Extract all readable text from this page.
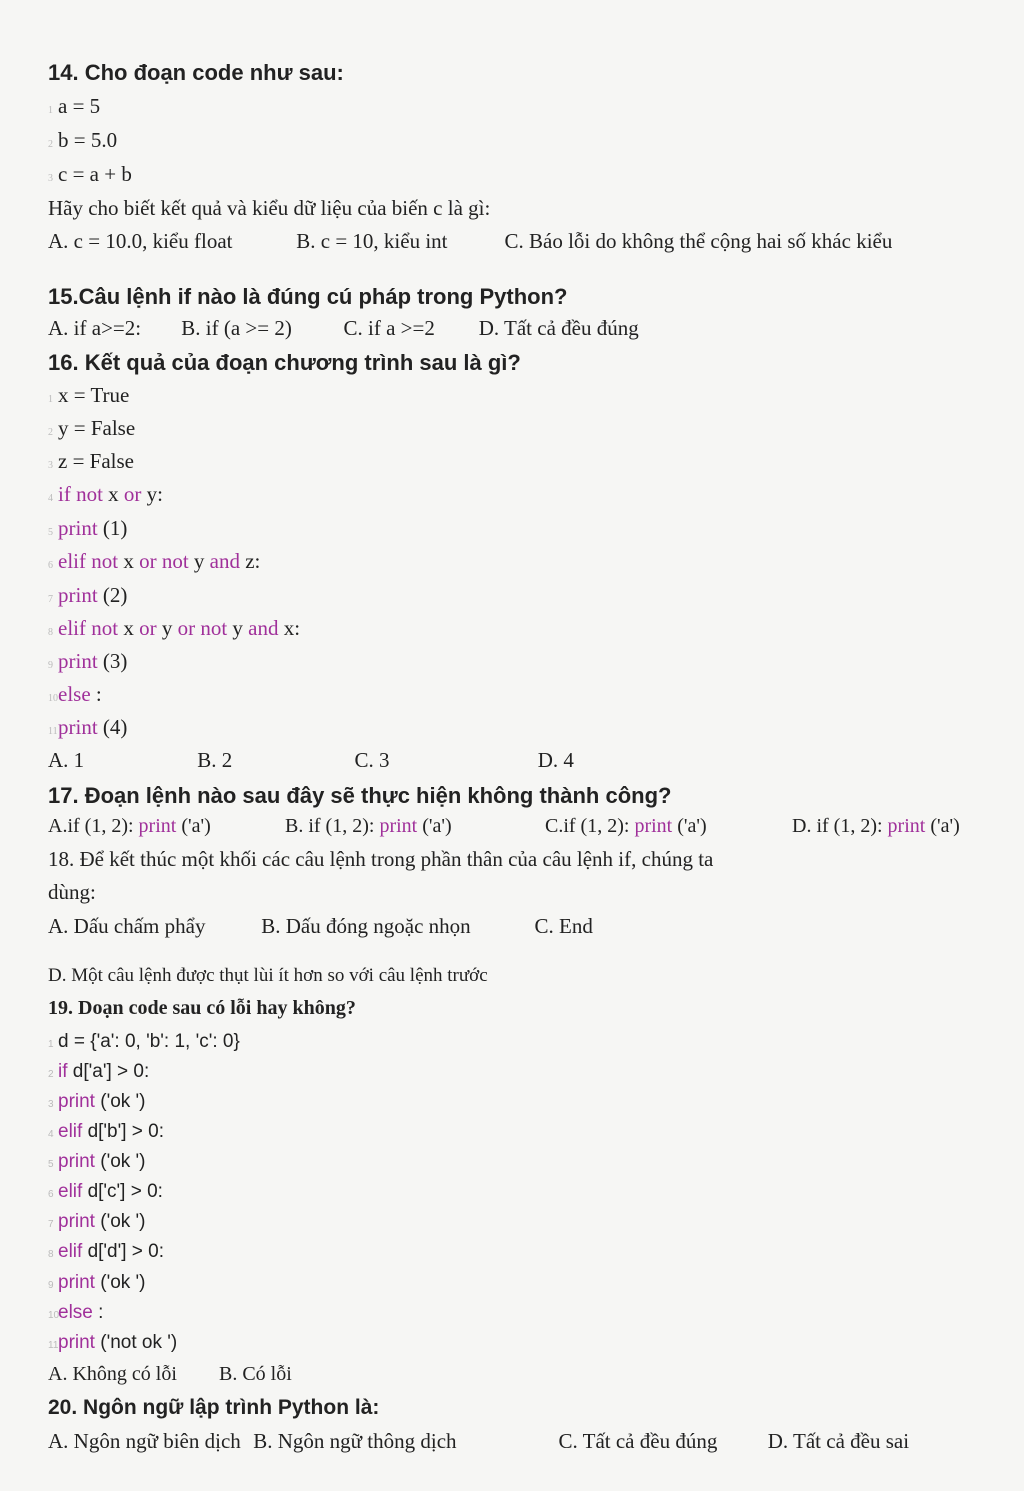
14. Cho đoạn code như sau:
1 a = 5
2 b = 5.0
3 c = a + b
Hãy cho biết kết quả và kiểu dữ liệu của biến c là gì:
A. c = 10.0, kiểu float	B. c = 10, kiểu int	C. Báo lỗi do không thể cộng hai số khác kiểu
15.Câu lệnh if nào là đúng cú pháp trong Python?
A. if a>=2: B. if (a >= 2) C. if a >=2 D. Tất cả đều đúng
16. Kết quả của đoạn chương trình sau là gì?
1 x = True
2 y = False
3 z = False
4 if not x or y:
5 print (1)
6 elif not x or not y and z:
7 print (2)
8 elif not x or y or not y and x:
9 print (3)
10else :
11print (4)
A. 1	B. 2	C. 3	D. 4
17. Đoạn lệnh nào sau đây sẽ thực hiện không thành công?
A.if (1, 2): print ('a')	B. if (1, 2): print ('a')	C.if (1, 2): print ('a')	D. if (1, 2): print ('a')
18. Để kết thúc một khối các câu lệnh trong phần thân của câu lệnh if, chúng ta
dùng:
A. Dấu chấm phẩy	B. Dấu đóng ngoặc nhọn	C. End
D. Một câu lệnh được thụt lùi ít hơn so với câu lệnh trước
19. Doạn code sau có lỗi hay không?
1 d = {'a': 0, 'b': 1, 'c': 0}
2 if d['a'] > 0:
3 print ('ok ')
4 elif d['b'] > 0:
5 print ('ok ')
6 elif d['c'] > 0:
7 print ('ok ')
8 elif d['d'] > 0:
9 print ('ok ')
10else :
11print ('not ok ')
A. Không có lỗi B. Có lỗi
20. Ngôn ngữ lập trình Python là:
A. Ngôn ngữ biên dịch B. Ngôn ngữ thông dịch	C. Tất cả đều đúng D. Tất cả đều sai
